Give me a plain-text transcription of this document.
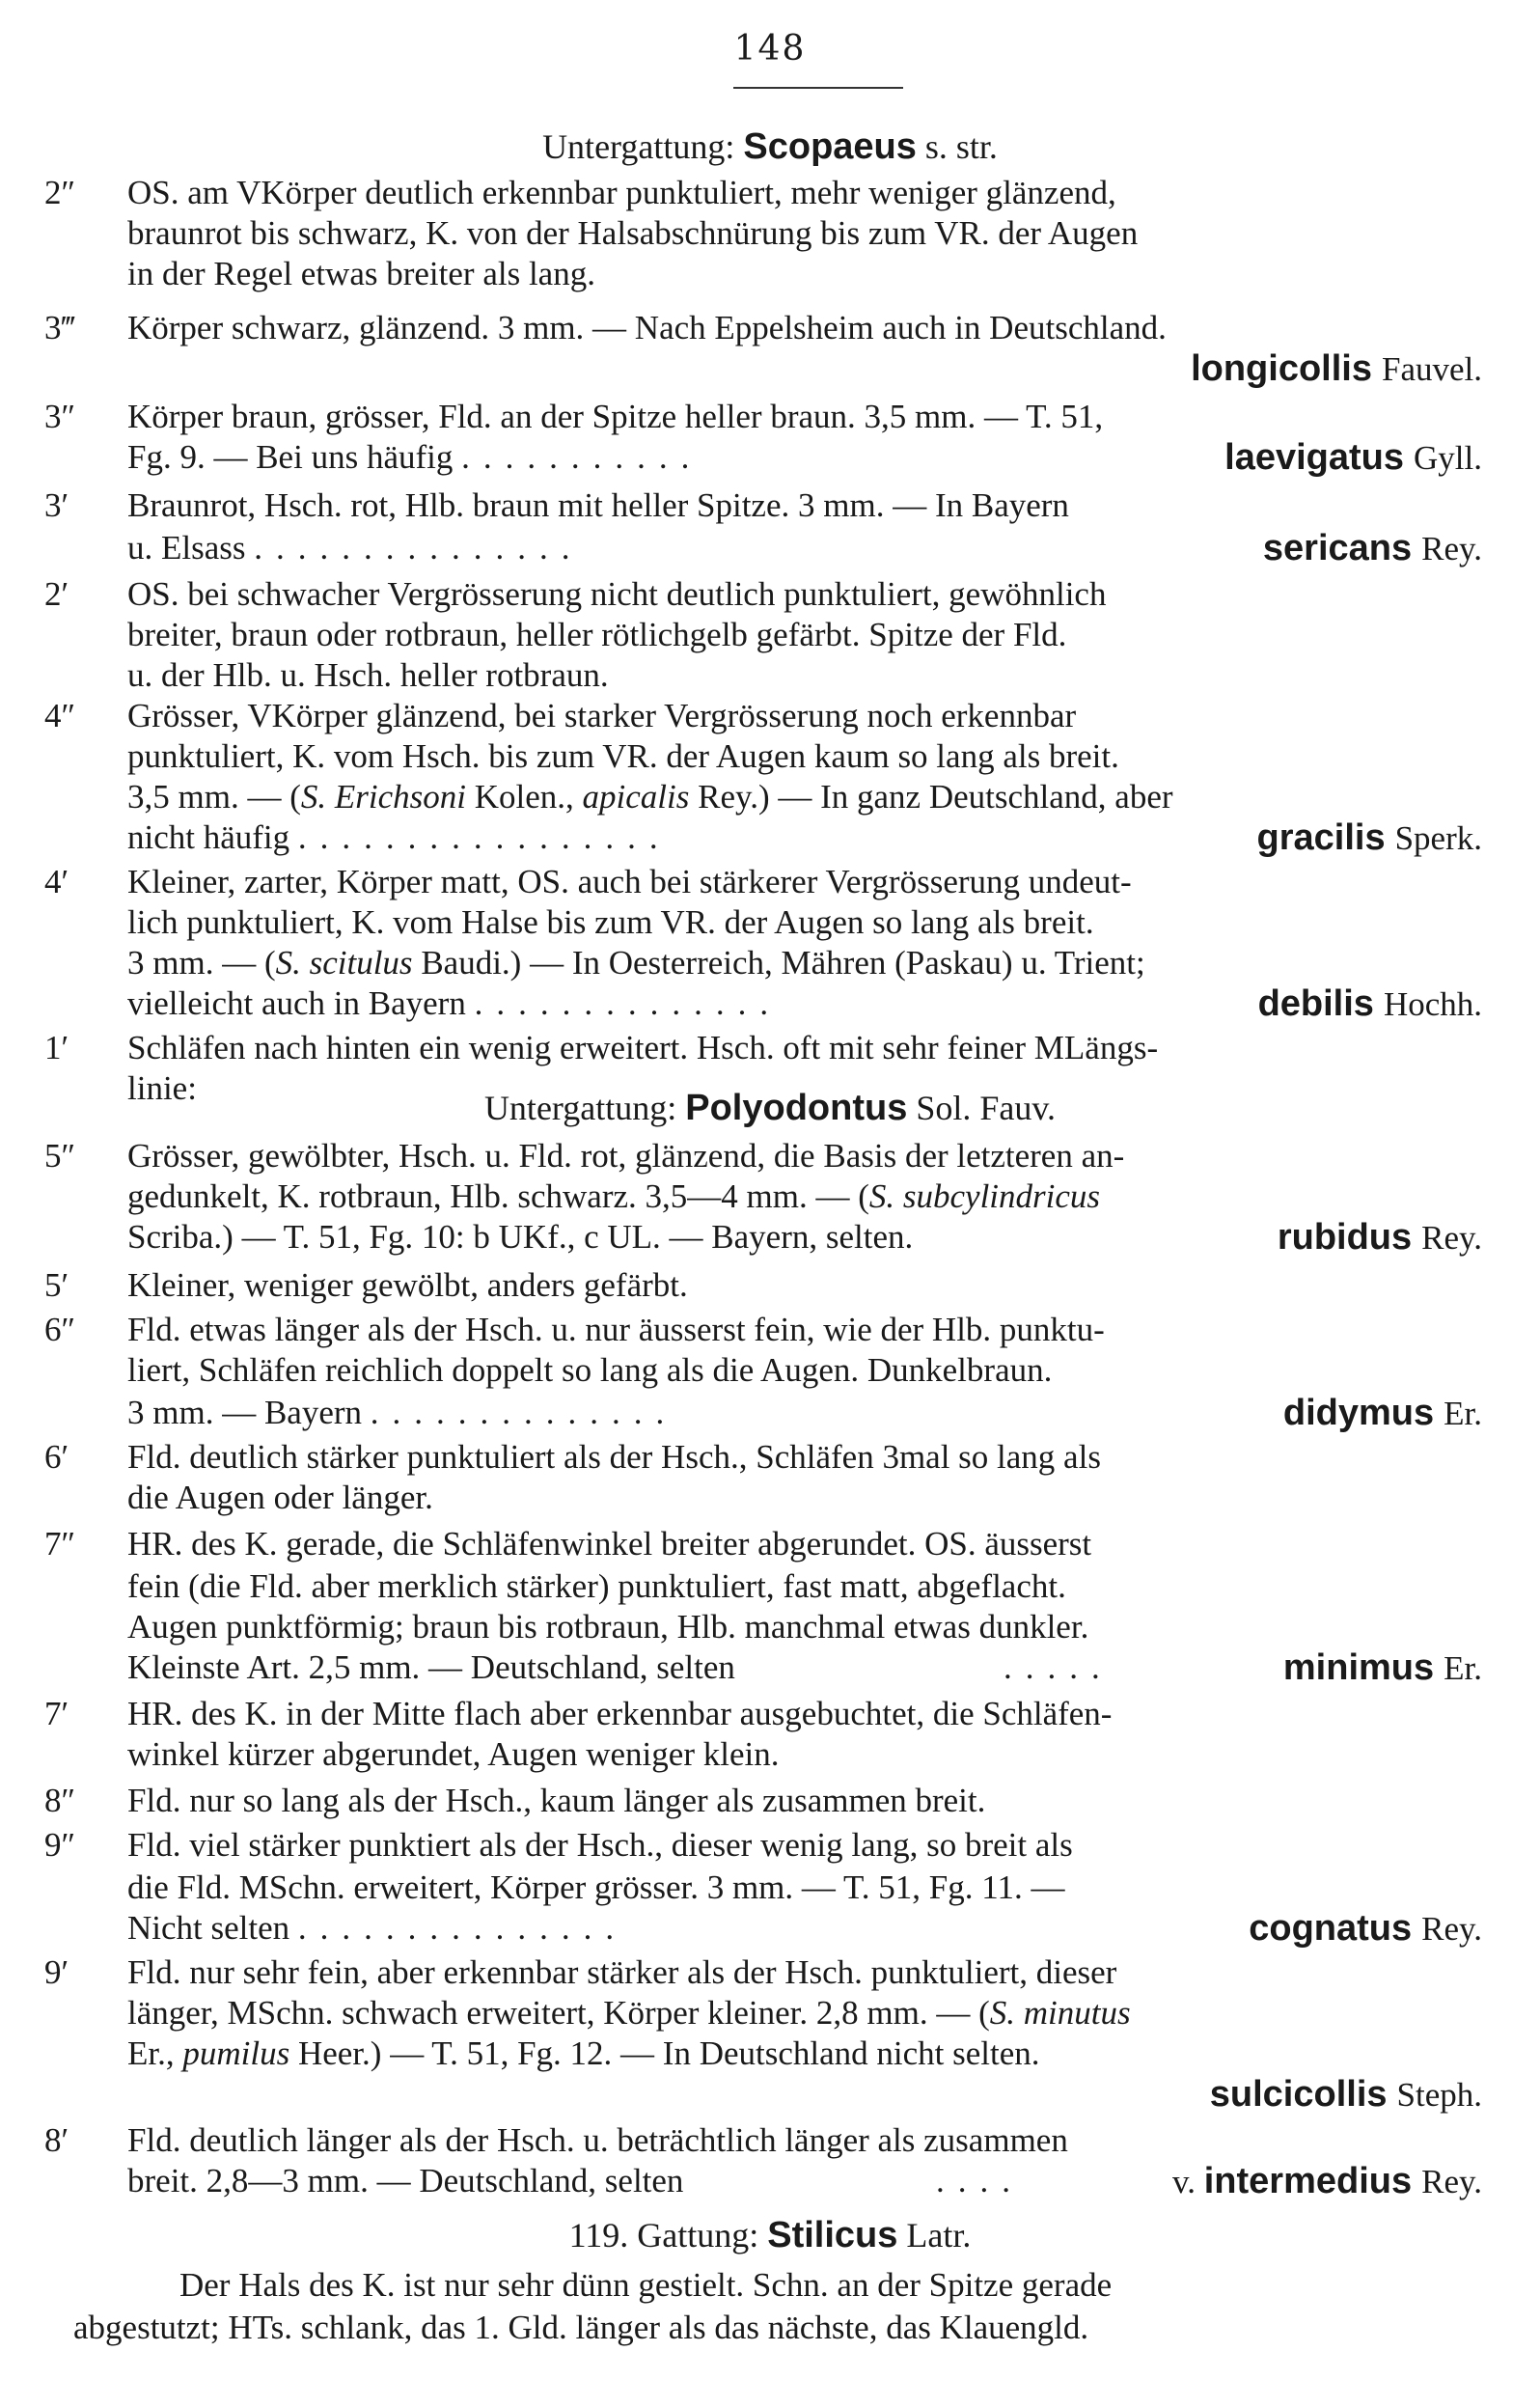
148
Untergattung: Scopaeus s. str.
2″ OS. am VKörper deutlich erkennbar punktuliert, mehr weniger glänzend,
braunrot bis schwarz, K. von der Halsabschnürung bis zum VR. der Augen
in der Regel etwas breiter als lang.
3‴ Körper schwarz, glänzend. 3 mm. — Nach Eppelsheim auch in Deutschland.
longicollis Fauvel.
3″ Körper braun, grösser, Fld. an der Spitze heller braun. 3,5 mm. — T. 51,
Fg. 9. — Bei uns häufig ...........	laevigatus Gyll.
3′ Braunrot, Hsch. rot, Hlb. braun mit heller Spitze. 3 mm. — In Bayern
u. Elsass ...............	sericans Rey.
2′ OS. bei schwacher Vergrösserung nicht deutlich punktuliert, gewöhnlich
breiter, braun oder rotbraun, heller rötlichgelb gefärbt. Spitze der Fld.
u. der Hlb. u. Hsch. heller rotbraun.
4″ Grösser, VKörper glänzend, bei starker Vergrösserung noch erkennbar
punktuliert, K. vom Hsch. bis zum VR. der Augen kaum so lang als breit.
3,5 mm. — (S. Erichsoni Kolen., apicalis Rey.) — In ganz Deutschland, aber
nicht häufig .................	gracilis Sperk.
4′ Kleiner, zarter, Körper matt, OS. auch bei stärkerer Vergrösserung undeut-
lich punktuliert, K. vom Halse bis zum VR. der Augen so lang als breit.
3 mm. — (S. scitulus Baudi.) — In Oesterreich, Mähren (Paskau) u. Trient;
vielleicht auch in Bayern ..............	debilis Hochh.
1′ Schläfen nach hinten ein wenig erweitert. Hsch. oft mit sehr feiner MLängs-
linie:
Untergattung: Polyodontus Sol. Fauv.
5″ Grösser, gewölbter, Hsch. u. Fld. rot, glänzend, die Basis der letzteren an-
gedunkelt, K. rotbraun, Hlb. schwarz. 3,5—4 mm. — (S. subcylindricus
Scriba.) — T. 51, Fg. 10: b UKf., c UL. — Bayern, selten.	rubidus Rey.
5′ Kleiner, weniger gewölbt, anders gefärbt.
6″ Fld. etwas länger als der Hsch. u. nur äusserst fein, wie der Hlb. punktu-
liert, Schläfen reichlich doppelt so lang als die Augen. Dunkelbraun.
3 mm. — Bayern ..............	didymus Er.
6′ Fld. deutlich stärker punktuliert als der Hsch., Schläfen 3mal so lang als
die Augen oder länger.
7″ HR. des K. gerade, die Schläfenwinkel breiter abgerundet. OS. äusserst
fein (die Fld. aber merklich stärker) punktuliert, fast matt, abgeflacht.
Augen punktförmig; braun bis rotbraun, Hlb. manchmal etwas dunkler.
Kleinste Art. 2,5 mm. — Deutschland, selten	.....	minimus Er.
7′ HR. des K. in der Mitte flach aber erkennbar ausgebuchtet, die Schläfen-
winkel kürzer abgerundet, Augen weniger klein.
8″ Fld. nur so lang als der Hsch., kaum länger als zusammen breit.
9″ Fld. viel stärker punktiert als der Hsch., dieser wenig lang, so breit als
die Fld. MSchn. erweitert, Körper grösser. 3 mm. — T. 51, Fg. 11. —
Nicht selten ...............	cognatus Rey.
9′ Fld. nur sehr fein, aber erkennbar stärker als der Hsch. punktuliert, dieser
länger, MSchn. schwach erweitert, Körper kleiner. 2,8 mm. — (S. minutus
Er., pumilus Heer.) — T. 51, Fg. 12. — In Deutschland nicht selten.
sulcicollis Steph.
8′ Fld. deutlich länger als der Hsch. u. beträchtlich länger als zusammen
breit. 2,8—3 mm. — Deutschland, selten	....	v. intermedius Rey.
119. Gattung: Stilicus Latr.
Der Hals des K. ist nur sehr dünn gestielt. Schn. an der Spitze gerade
abgestutzt; HTs. schlank, das 1. Gld. länger als das nächste, das Klauengld.
